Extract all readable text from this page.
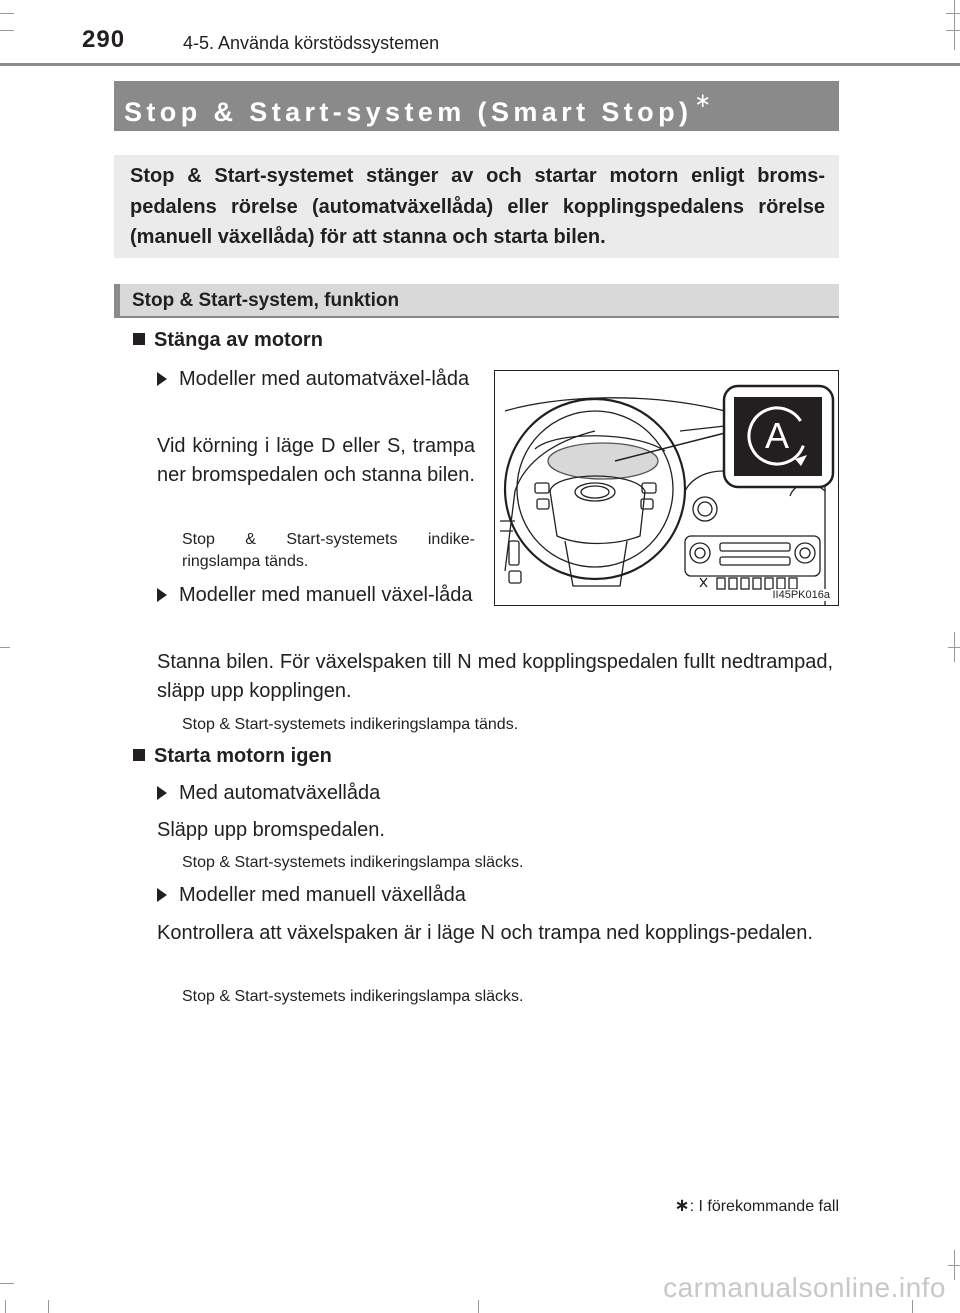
290	4-5. Använda körstödssystemen
Stop & Start-system (Smart Stop) ∗
Stop & Start-systemet stänger av och startar motorn enligt broms-pedalens rörelse (automatväxellåda) eller kopplingspedalens rörelse (manuell växellåda) för att stanna och starta bilen.
Stop & Start-system, funktion
Stänga av motorn
Modeller med automatväxel-låda
Vid körning i läge D eller S, trampa ner bromspedalen och stanna bilen.
Stop & Start-systemets indike-ringslampa tänds.
Modeller med manuell växel-låda
Stanna bilen. För växelspaken till N med kopplingspedalen fullt nedtrampad, släpp upp kopplingen.
Stop & Start-systemets indikeringslampa tänds.
Starta motorn igen
Med automatväxellåda
Släpp upp bromspedalen.
Stop & Start-systemets indikeringslampa släcks.
Modeller med manuell växellåda
Kontrollera att växelspaken är i läge N och trampa ned kopplings-pedalen.
Stop & Start-systemets indikeringslampa släcks.
A
II45PK016a
∗: I förekommande fall
carmanualsonline.info
